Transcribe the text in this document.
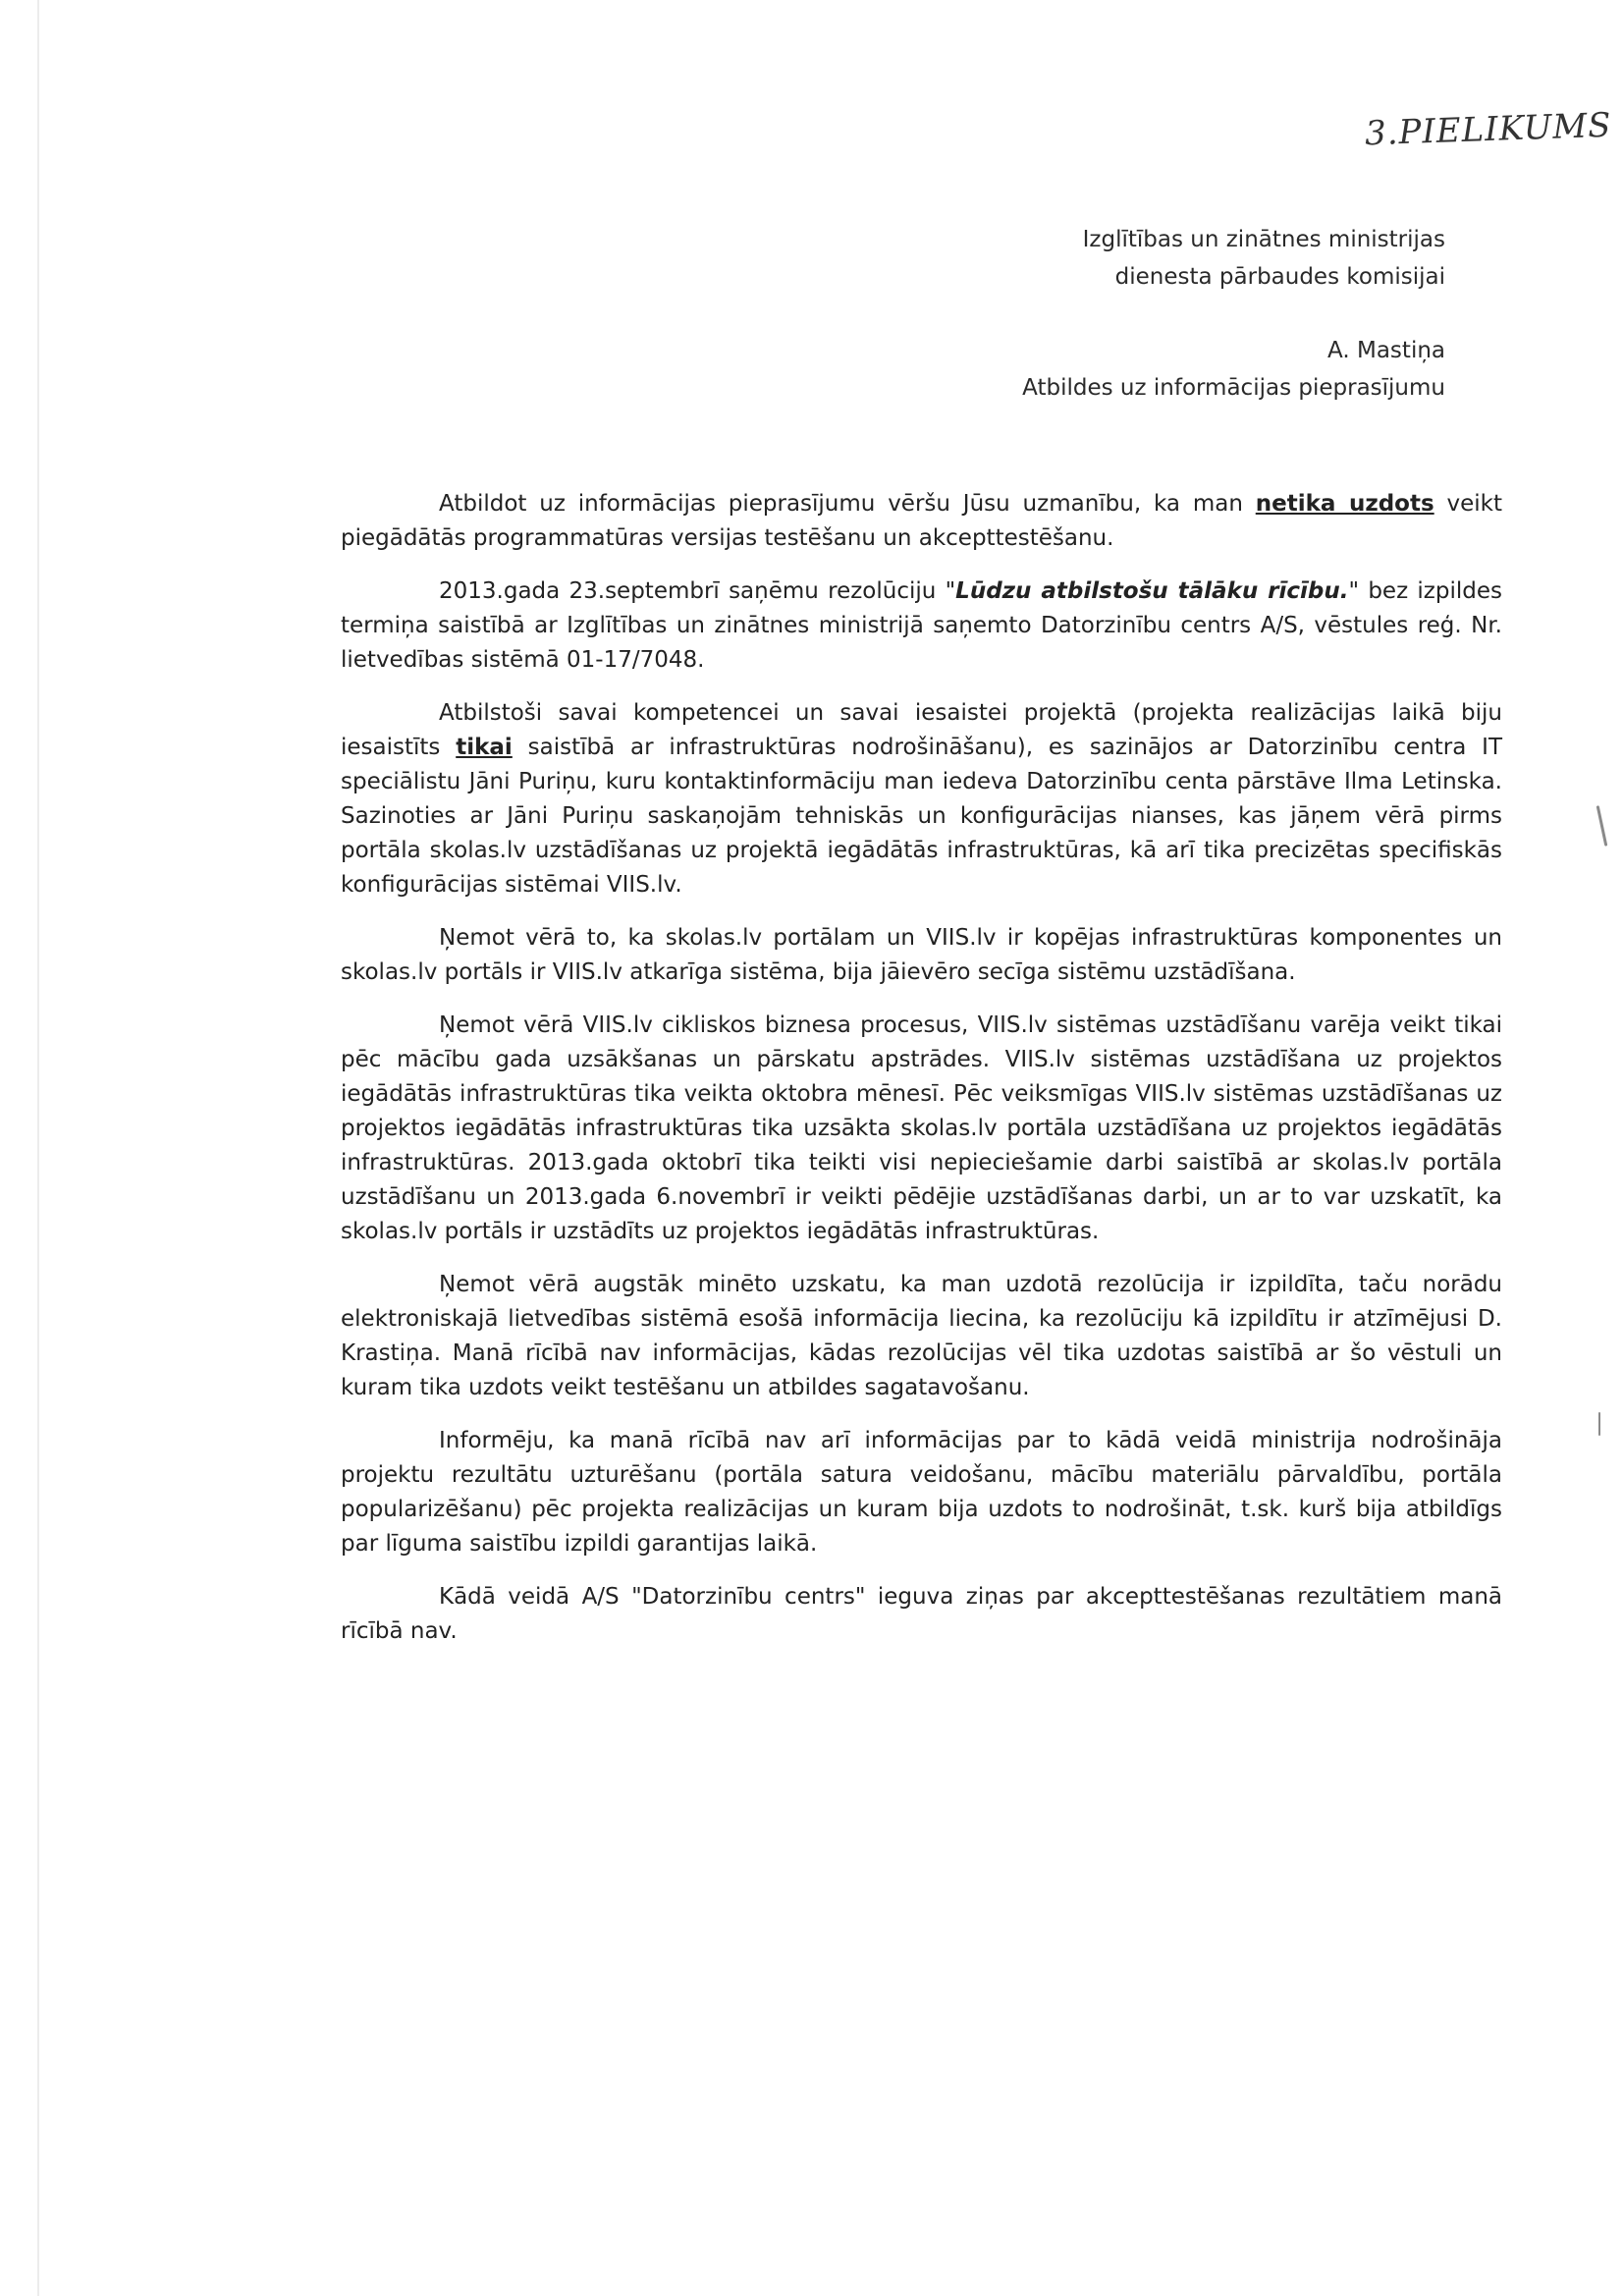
3.PIELIKUMS
Izglītības un zinātnes ministrijas
dienesta pārbaudes komisijai
A. Mastiņa
Atbildes uz informācijas pieprasījumu

Atbildot uz informācijas pieprasījumu vēršu Jūsu uzmanību, ka man netika uzdots veikt piegādātās programmatūras versijas testēšanu un akcepttestēšanu.

2013.gada 23.septembrī saņēmu rezolūciju "Lūdzu atbilstošu tālāku rīcību." bez izpildes termiņa saistībā ar Izglītības un zinātnes ministrijā saņemto Datorzinību centrs A/S, vēstules reģ. Nr. lietvedības sistēmā 01-17/7048.

Atbilstoši savai kompetencei un savai iesaistei projektā (projekta realizācijas laikā biju iesaistīts tikai saistībā ar infrastruktūras nodrošināšanu), es sazinājos ar Datorzinību centra IT speciālistu Jāni Puriņu, kuru kontaktinformāciju man iedeva Datorzinību centa pārstāve Ilma Letinska. Sazinoties ar Jāni Puriņu saskaņojām tehniskās un konfigurācijas nianses, kas jāņem vērā pirms portāla skolas.lv uzstādīšanas uz projektā iegādātās infrastruktūras, kā arī tika precizētas specifiskās konfigurācijas sistēmai VIIS.lv.

Ņemot vērā to, ka skolas.lv portālam un VIIS.lv ir kopējas infrastruktūras komponentes un skolas.lv portāls ir VIIS.lv atkarīga sistēma, bija jāievēro secīga sistēmu uzstādīšana.

Ņemot vērā VIIS.lv cikliskos biznesa procesus, VIIS.lv sistēmas uzstādīšanu varēja veikt tikai pēc mācību gada uzsākšanas un pārskatu apstrādes. VIIS.lv sistēmas uzstādīšana uz projektos iegādātās infrastruktūras tika veikta oktobra mēnesī. Pēc veiksmīgas VIIS.lv sistēmas uzstādīšanas uz projektos iegādātās infrastruktūras tika uzsākta skolas.lv portāla uzstādīšana uz projektos iegādātās infrastruktūras. 2013.gada oktobrī tika teikti visi nepieciešamie darbi saistībā ar skolas.lv portāla uzstādīšanu un 2013.gada 6.novembrī ir veikti pēdējie uzstādīšanas darbi, un ar to var uzskatīt, ka skolas.lv portāls ir uzstādīts uz projektos iegādātās infrastruktūras.

Ņemot vērā augstāk minēto uzskatu, ka man uzdotā rezolūcija ir izpildīta, taču norādu elektroniskajā lietvedības sistēmā esošā informācija liecina, ka rezolūciju kā izpildītu ir atzīmējusi D. Krastiņa. Manā rīcībā nav informācijas, kādas rezolūcijas vēl tika uzdotas saistībā ar šo vēstuli un kuram tika uzdots veikt testēšanu un atbildes sagatavošanu.

Informēju, ka manā rīcībā nav arī informācijas par to kādā veidā ministrija nodrošināja projektu rezultātu uzturēšanu (portāla satura veidošanu, mācību materiālu pārvaldību, portāla popularizēšanu) pēc projekta realizācijas un kuram bija uzdots to nodrošināt, t.sk. kurš bija atbildīgs par līguma saistību izpildi garantijas laikā.

Kādā veidā A/S "Datorzinību centrs" ieguva ziņas par akcepttestēšanas rezultātiem manā rīcībā nav.
